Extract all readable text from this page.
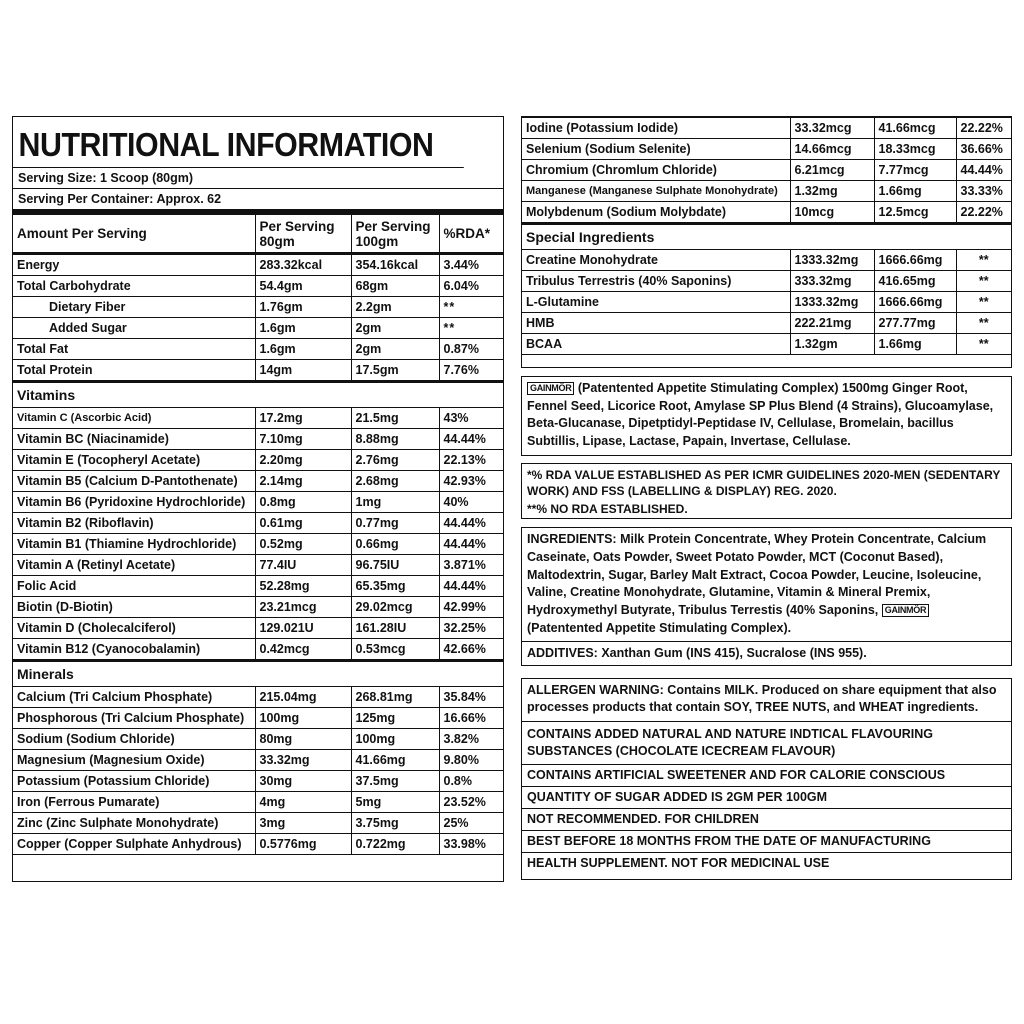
NUTRITIONAL INFORMATION
Serving Size: 1 Scoop (80gm)
Serving Per Container: Approx. 62
Amount Per Serving	Per Serving 80gm	Per Serving 100gm	%RDA*
Energy	283.32kcal	354.16kcal	3.44%
Total Carbohydrate	54.4gm	68gm	6.04%
Dietary Fiber	1.76gm	2.2gm	**
Added Sugar	1.6gm	2gm	**
Total Fat	1.6gm	2gm	0.87%
Total Protein	14gm	17.5gm	7.76%
Vitamins			
Vitamin C (Ascorbic Acid)	17.2mg	21.5mg	43%
Vitamin BC (Niacinamide)	7.10mg	8.88mg	44.44%
Vitamin E (Tocopheryl Acetate)	2.20mg	2.76mg	22.13%
Vitamin B5 (Calcium D-Pantothenate)	2.14mg	2.68mg	42.93%
Vitamin B6 (Pyridoxine Hydrochloride)	0.8mg	1mg	40%
Vitamin B2 (Riboflavin)	0.61mg	0.77mg	44.44%
Vitamin B1 (Thiamine Hydrochloride)	0.52mg	0.66mg	44.44%
Vitamin A (Retinyl Acetate)	77.4IU	96.75IU	3.871%
Folic Acid	52.28mg	65.35mg	44.44%
Biotin (D-Biotin)	23.21mcg	29.02mcg	42.99%
Vitamin D (Cholecalciferol)	129.021U	161.28IU	32.25%
Vitamin B12 (Cyanocobalamin)	0.42mcg	0.53mcg	42.66%
Minerals			
Calcium (Tri Calcium Phosphate)	215.04mg	268.81mg	35.84%
Phosphorous (Tri Calcium Phosphate)	100mg	125mg	16.66%
Sodium (Sodium Chloride)	80mg	100mg	3.82%
Magnesium (Magnesium Oxide)	33.32mg	41.66mg	9.80%
Potassium (Potassium Chloride)	30mg	37.5mg	0.8%
Iron (Ferrous Pumarate)	4mg	5mg	23.52%
Zinc (Zinc Sulphate Monohydrate)	3mg	3.75mg	25%
Copper (Copper Sulphate Anhydrous)	0.5776mg	0.722mg	33.98%
Iodine (Potassium Iodide)	33.32mcg	41.66mcg	22.22%
Selenium (Sodium Selenite)	14.66mcg	18.33mcg	36.66%
Chromium (Chromlum Chloride)	6.21mcg	7.77mcg	44.44%
Manganese (Manganese Sulphate Monohydrate)	1.32mg	1.66mg	33.33%
Molybdenum (Sodium Molybdate)	10mcg	12.5mcg	22.22%
Special Ingredients			
Creatine Monohydrate	1333.32mg	1666.66mg	**
Tribulus Terrestris (40% Saponins)	333.32mg	416.65mg	**
L-Glutamine	1333.32mg	1666.66mg	**
HMB	222.21mg	277.77mg	**
BCAA	1.32gm	1.66mg	**
GAINMÖR (Patentented Appetite Stimulating Complex) 1500mg Ginger Root, Fennel Seed, Licorice Root, Amylase SP Plus Blend (4 Strains), Glucoamylase, Beta-Glucanase, Dipetptidyl-Peptidase IV, Cellulase, Bromelain, bacillus Subtillis, Lipase, Lactase, Papain, Invertase, Cellulase.
*% RDA VALUE ESTABLISHED AS PER ICMR GUIDELINES 2020-MEN (SEDENTARY WORK) AND FSS (LABELLING & DISPLAY) REG. 2020.
**% NO RDA ESTABLISHED.
INGREDIENTS: Milk Protein Concentrate, Whey Protein Concentrate, Calcium Caseinate, Oats Powder, Sweet Potato Powder, MCT (Coconut Based), Maltodextrin, Sugar, Barley Malt Extract, Cocoa Powder, Leucine, Isoleucine, Valine, Creatine Monohydrate, Glutamine, Vitamin & Mineral Premix, Hydroxymethyl Butyrate, Tribulus Terrestis (40% Saponins, GAINMÖR (Patentented Appetite Stimulating Complex).
ADDITIVES: Xanthan Gum (INS 415), Sucralose (INS 955).
ALLERGEN WARNING: Contains MILK. Produced on share equipment that also processes products that contain SOY, TREE NUTS, and WHEAT ingredients.
CONTAINS ADDED NATURAL AND NATURE INDTICAL FLAVOURING SUBSTANCES (CHOCOLATE ICECREAM FLAVOUR)
CONTAINS ARTIFICIAL SWEETENER AND FOR CALORIE CONSCIOUS
QUANTITY OF SUGAR ADDED IS 2GM PER 100GM
NOT RECOMMENDED. FOR CHILDREN
BEST BEFORE 18 MONTHS FROM THE DATE OF MANUFACTURING
HEALTH SUPPLEMENT. NOT FOR MEDICINAL USE
